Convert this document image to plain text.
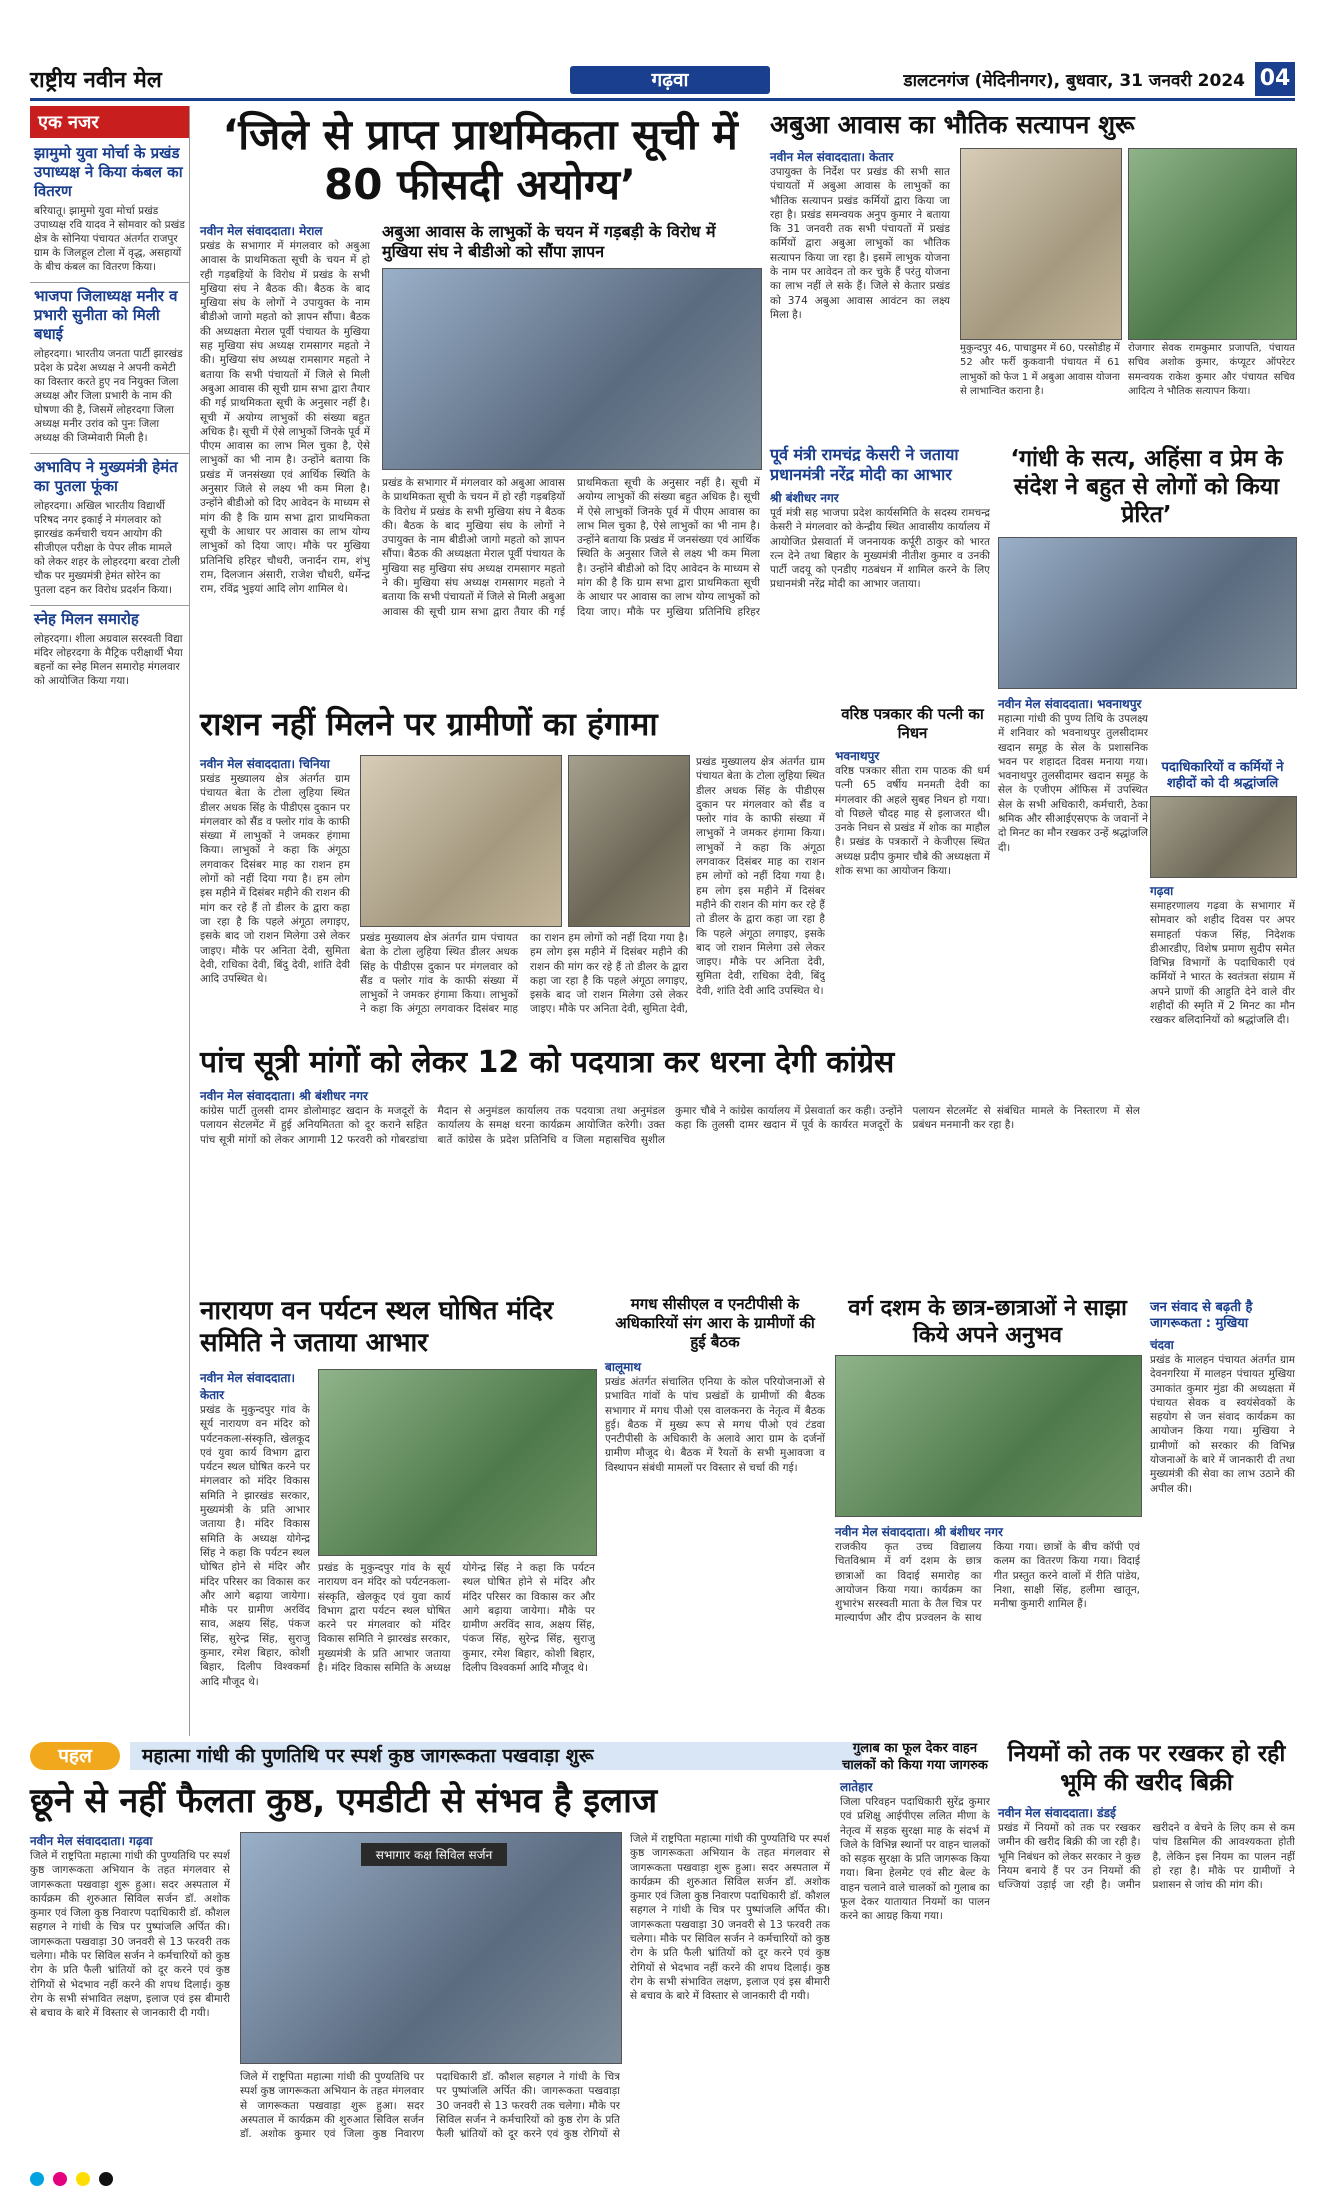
राष्ट्रीय नवीन मेल	गढ़वा	डालटनगंज (मेदिनीनगर), बुधवार, 31 जनवरी 2024 04
एक नजर
झामुमो युवा मोर्चा के प्रखंड उपाध्यक्ष ने किया कंबल का वितरण
बरियातू। झामुमो युवा मोर्चा प्रखंड उपाध्यक्ष रवि यादव ने सोमवार को प्रखंड क्षेत्र के सोनिया पंचायत अंतर्गत राजपुर ग्राम के जिलहूल टोला में वृद्ध, असहायों के बीच कंबल का वितरण किया।
भाजपा जिलाध्यक्ष मनीर व प्रभारी सुनीता को मिली बधाई
लोहरदगा। भारतीय जनता पार्टी झारखंड प्रदेश के प्रदेश अध्यक्ष ने अपनी कमेटी का विस्तार करते हुए नव नियुक्त जिला अध्यक्ष और जिला प्रभारी के नाम की घोषणा की है, जिसमें लोहरदगा जिला अध्यक्ष मनीर उरांव को पुनः जिला अध्यक्ष की जिम्मेवारी मिली है।
अभाविप ने मुख्यमंत्री हेमंत का पुतला फूंका
लोहरदगा। अखिल भारतीय विद्यार्थी परिषद नगर इकाई ने मंगलवार को झारखंड कर्मचारी चयन आयोग की सीजीएल परीक्षा के पेपर लीक मामले को लेकर शहर के लोहरदगा बरवा टोली चौक पर मुख्यमंत्री हेमंत सोरेन का पुतला दहन कर विरोध प्रदर्शन किया।
स्नेह मिलन समारोह
लोहरदगा। शीला अग्रवाल सरस्वती विद्या मंदिर लोहरदगा के मैट्रिक परीक्षार्थी भैया बहनों का स्नेह मिलन समारोह मंगलवार को आयोजित किया गया।
‘जिले से प्राप्त प्राथमिकता सूची में 80 फीसदी अयोग्य’
नवीन मेल संवाददाता। मेराल
प्रखंड के सभागार में मंगलवार को अबुआ आवास के प्राथमिकता सूची के चयन में हो रही गड़बड़ियों के विरोध में प्रखंड के सभी मुखिया संघ ने बैठक की। बैठक के बाद मुखिया संघ के लोगों ने उपायुक्त के नाम बीडीओ जागो महतो को ज्ञापन सौंपा। बैठक की अध्यक्षता मेराल पूर्वी पंचायत के मुखिया सह मुखिया संघ अध्यक्ष रामसागर महतो ने की। मुखिया संघ अध्यक्ष रामसागर महतो ने बताया कि सभी पंचायतों में जिले से मिली अबुआ आवास की सूची ग्राम सभा द्वारा तैयार की गई प्राथमिकता सूची के अनुसार नहीं है। सूची में अयोग्य लाभुकों की संख्या बहुत अधिक है। सूची में ऐसे लाभुकों जिनके पूर्व में पीएम आवास का लाभ मिल चुका है, ऐसे लाभुकों का भी नाम है। उन्होंने बताया कि प्रखंड में जनसंख्या एवं आर्थिक स्थिति के अनुसार जिले से लक्ष्य भी कम मिला है। उन्होंने बीडीओ को दिए आवेदन के माध्यम से मांग की है कि ग्राम सभा द्वारा प्राथमिकता सूची के आधार पर आवास का लाभ योग्य लाभुकों को दिया जाए। मौके पर मुखिया प्रतिनिधि हरिहर चौधरी, जनार्दन राम, शंभु राम, दिलजान अंसारी, राजेश चौधरी, धर्मेन्द्र राम, रविंद्र भुइयां आदि लोग शामिल थे।
अबुआ आवास के लाभुकों के चयन में गड़बड़ी के विरोध में मुखिया संघ ने बीडीओ को सौंपा ज्ञापन
प्रखंड के सभागार में मंगलवार को अबुआ आवास के प्राथमिकता सूची के चयन में हो रही गड़बड़ियों के विरोध में प्रखंड के सभी मुखिया संघ ने बैठक की। बैठक के बाद मुखिया संघ के लोगों ने उपायुक्त के नाम बीडीओ जागो महतो को ज्ञापन सौंपा। बैठक की अध्यक्षता मेराल पूर्वी पंचायत के मुखिया सह मुखिया संघ अध्यक्ष रामसागर महतो ने की। मुखिया संघ अध्यक्ष रामसागर महतो ने बताया कि सभी पंचायतों में जिले से मिली अबुआ आवास की सूची ग्राम सभा द्वारा तैयार की गई प्राथमिकता सूची के अनुसार नहीं है। सूची में अयोग्य लाभुकों की संख्या बहुत अधिक है। सूची में ऐसे लाभुकों जिनके पूर्व में पीएम आवास का लाभ मिल चुका है, ऐसे लाभुकों का भी नाम है। उन्होंने बताया कि प्रखंड में जनसंख्या एवं आर्थिक स्थिति के अनुसार जिले से लक्ष्य भी कम मिला है। उन्होंने बीडीओ को दिए आवेदन के माध्यम से मांग की है कि ग्राम सभा द्वारा प्राथमिकता सूची के आधार पर आवास का लाभ योग्य लाभुकों को दिया जाए। मौके पर मुखिया प्रतिनिधि हरिहर
अबुआ आवास का भौतिक सत्यापन शुरू
नवीन मेल संवाददाता। केतार
उपायुक्त के निर्देश पर प्रखंड की सभी सात पंचायतों में अबुआ आवास के लाभुकों का भौतिक सत्यापन प्रखंड कर्मियों द्वारा किया जा रहा है। प्रखंड समन्वयक अनुप कुमार ने बताया कि 31 जनवरी तक सभी पंचायतों में प्रखंड कर्मियों द्वारा अबुआ लाभुकों का भौतिक सत्यापन किया जा रहा है। इसमें लाभुक योजना के नाम पर आवेदन तो कर चुके हैं परंतु योजना का लाभ नहीं ले सके हैं। जिले से केतार प्रखंड को 374 अबुआ आवास आवंटन का लक्ष्य मिला है।
मुकुन्दपुर 46, पाचाडुमर में 60, परसोडीह में 52 और फर्री कुकवानी पंचायत में 61 लाभुकों को फेज 1 में अबुआ आवास योजना से लाभान्वित कराना है।
रोजगार सेवक रामकुमार प्रजापति, पंचायत सचिव अशोक कुमार, कंप्यूटर ऑपरेटर समन्वयक राकेश कुमार और पंचायत सचिव आदित्य ने भौतिक सत्यापन किया।
पूर्व मंत्री रामचंद्र केसरी ने जताया प्रधानमंत्री नरेंद्र मोदी का आभार
श्री बंशीधर नगर
पूर्व मंत्री सह भाजपा प्रदेश कार्यसमिति के सदस्य रामचन्द्र केसरी ने मंगलवार को केन्द्रीय स्थित आवासीय कार्यालय में आयोजित प्रेसवार्ता में जननायक कर्पूरी ठाकुर को भारत रत्न देने तथा बिहार के मुख्यमंत्री नीतीश कुमार व उनकी पार्टी जदयू को एनडीए गठबंधन में शामिल करने के लिए प्रधानमंत्री नरेंद्र मोदी का आभार जताया।
‘गांधी के सत्य, अहिंसा व प्रेम के संदेश ने बहुत से लोगों को किया प्रेरित’
नवीन मेल संवाददाता। भवनाथपुर
महात्मा गांधी की पुण्य तिथि के उपलक्ष्य में शनिवार को भवनाथपुर तुलसीदामर खदान समूह के सेल के प्रशासनिक भवन पर शहादत दिवस मनाया गया। भवनाथपुर तुलसीदामर खदान समूह के सेल के एजीएम ऑफिस में उपस्थित सेल के सभी अधिकारी, कर्मचारी, ठेका श्रमिक और सीआईएसएफ के जवानों ने दो मिनट का मौन रखकर उन्हें श्रद्धांजलि दी।
पदाधिकारियों व कर्मियों ने शहीदों को दी श्रद्धांजलि
गढ़वा
समाहरणालय गढ़वा के सभागार में सोमवार को शहीद दिवस पर अपर समाहर्ता पंकज सिंह, निदेशक डीआरडीए, विशेष प्रमाण सुदीप समेत विभिन्न विभागों के पदाधिकारी एवं कर्मियों ने भारत के स्वतंत्रता संग्राम में अपने प्राणों की आहुति देने वाले वीर शहीदों की स्मृति में 2 मिनट का मौन रखकर बलिदानियों को श्रद्धांजलि दी।
राशन नहीं मिलने पर ग्रामीणों का हंगामा
नवीन मेल संवाददाता। चिनिया
प्रखंड मुख्यालय क्षेत्र अंतर्गत ग्राम पंचायत बेता के टोला लुहिया स्थित डीलर अधक सिंह के पीडीएस दुकान पर मंगलवार को सैंड व फ्लोर गांव के काफी संख्या में लाभुकों ने जमकर हंगामा किया। लाभुकों ने कहा कि अंगूठा लगवाकर दिसंबर माह का राशन हम लोगों को नहीं दिया गया है। हम लोग इस महीने में दिसंबर महीने की राशन की मांग कर रहे हैं तो डीलर के द्वारा कहा जा रहा है कि पहले अंगूठा लगाइए, इसके बाद जो राशन मिलेगा उसे लेकर जाइए। मौके पर अनिता देवी, सुमिता देवी, राधिका देवी, बिंदु देवी, शांति देवी आदि उपस्थित थे।
प्रखंड मुख्यालय क्षेत्र अंतर्गत ग्राम पंचायत बेता के टोला लुहिया स्थित डीलर अधक सिंह के पीडीएस दुकान पर मंगलवार को सैंड व फ्लोर गांव के काफी संख्या में लाभुकों ने जमकर हंगामा किया। लाभुकों ने कहा कि अंगूठा लगवाकर दिसंबर माह का राशन हम लोगों को नहीं दिया गया है। हम लोग इस महीने में दिसंबर महीने की राशन की मांग कर रहे हैं तो डीलर के द्वारा कहा जा रहा है कि पहले अंगूठा लगाइए, इसके बाद जो राशन मिलेगा उसे लेकर जाइए। मौके पर अनिता देवी, सुमिता देवी, राधिका देवी, बिंदु देवी, शांति देवी आदि उपस्थित थे।
प्रखंड मुख्यालय क्षेत्र अंतर्गत ग्राम पंचायत बेता के टोला लुहिया स्थित डीलर अधक सिंह के पीडीएस दुकान पर मंगलवार को सैंड व फ्लोर गांव के काफी संख्या में लाभुकों ने जमकर हंगामा किया। लाभुकों ने कहा कि अंगूठा लगवाकर दिसंबर माह का राशन हम लोगों को नहीं दिया गया है। हम लोग इस महीने में दिसंबर महीने की राशन की मांग कर रहे हैं तो डीलर के द्वारा कहा जा रहा है कि पहले अंगूठा लगाइए, इसके बाद जो राशन मिलेगा उसे लेकर जाइए। मौके पर अनिता देवी, सुमिता देवी,
वरिष्ठ पत्रकार की पत्नी का निधन
भवनाथपुर
वरिष्ठ पत्रकार सीता राम पाठक की धर्म पत्नी 65 वर्षीय मनमती देवी का मंगलवार की अहले सुबह निधन हो गया। वो पिछले चौदह माह से इलाजरत थी। उनके निधन से प्रखंड में शोक का माहौल है। प्रखंड के पत्रकारों ने केजीएस स्थित अध्यक्ष प्रदीप कुमार चौबे की अध्यक्षता में शोक सभा का आयोजन किया।
पांच सूत्री मांगों को लेकर 12 को पदयात्रा कर धरना देगी कांग्रेस
नवीन मेल संवाददाता। श्री बंशीधर नगर
कांग्रेस पार्टी तुलसी दामर डोलोमाइट खदान के मजदूरों के पलायन सेटलमेंट में हुई अनियमितता को दूर कराने सहित पांच सूत्री मांगों को लेकर आगामी 12 फरवरी को गोबरडांचा मैदान से अनुमंडल कार्यालय तक पदयात्रा तथा अनुमंडल कार्यालय के समक्ष धरना कार्यक्रम आयोजित करेगी। उक्त बातें कांग्रेस के प्रदेश प्रतिनिधि व जिला महासचिव सुशील कुमार चौबे ने कांग्रेस कार्यालय में प्रेसवार्ता कर कही। उन्होंने कहा कि तुलसी दामर खदान में पूर्व के कार्यरत मजदूरों के पलायन सेटलमेंट से संबंधित मामले के निस्तारण में सेल प्रबंधन मनमानी कर रहा है।
नारायण वन पर्यटन स्थल घोषित मंदिर समिति ने जताया आभार
नवीन मेल संवाददाता। केतार
प्रखंड के मुकुन्दपुर गांव के सूर्य नारायण वन मंदिर को पर्यटनकला-संस्कृति, खेलकूद एवं युवा कार्य विभाग द्वारा पर्यटन स्थल घोषित करने पर मंगलवार को मंदिर विकास समिति ने झारखंड सरकार, मुख्यमंत्री के प्रति आभार जताया है। मंदिर विकास समिति के अध्यक्ष योगेन्द्र सिंह ने कहा कि पर्यटन स्थल घोषित होने से मंदिर और मंदिर परिसर का विकास कर और आगे बढ़ाया जायेगा। मौके पर ग्रामीण अरविंद साव, अक्षय सिंह, पंकज सिंह, सुरेन्द्र सिंह, सुराजु कुमार, रमेश बिहार, कोशी बिहार, दिलीप विश्वकर्मा आदि मौजूद थे।
प्रखंड के मुकुन्दपुर गांव के सूर्य नारायण वन मंदिर को पर्यटनकला-संस्कृति, खेलकूद एवं युवा कार्य विभाग द्वारा पर्यटन स्थल घोषित करने पर मंगलवार को मंदिर विकास समिति ने झारखंड सरकार, मुख्यमंत्री के प्रति आभार जताया है। मंदिर विकास समिति के अध्यक्ष योगेन्द्र सिंह ने कहा कि पर्यटन स्थल घोषित होने से मंदिर और मंदिर परिसर का विकास कर और आगे बढ़ाया जायेगा। मौके पर ग्रामीण अरविंद साव, अक्षय सिंह, पंकज सिंह, सुरेन्द्र सिंह, सुराजु कुमार, रमेश बिहार, कोशी बिहार, दिलीप विश्वकर्मा आदि मौजूद थे।
मगध सीसीएल व एनटीपीसी के अधिकारियों संग आरा के ग्रामीणों की हुई बैठक
बालूमाथ
प्रखंड अंतर्गत संचालित एनिया के कोल परियोजनाओं से प्रभावित गांवों के पांच प्रखंडों के ग्रामीणों की बैठक सभागार में मगध पीओ एस वालकनरा के नेतृत्व में बैठक हुई। बैठक में मुख्य रूप से मगध पीओ एवं टंडवा एनटीपीसी के अधिकारी के अलावे आरा ग्राम के दर्जनों ग्रामीण मौजूद थे। बैठक में रैयतों के सभी मुआवजा व विस्थापन संबंधी मामलों पर विस्तार से चर्चा की गई।
वर्ग दशम के छात्र-छात्राओं ने साझा किये अपने अनुभव
नवीन मेल संवाददाता। श्री बंशीधर नगर
राजकीय कृत उच्च विद्यालय चितविश्राम में वर्ग दशम के छात्र छात्राओं का विदाई समारोह का आयोजन किया गया। कार्यक्रम का शुभारंभ सरस्वती माता के तैल चित्र पर माल्यार्पण और दीप प्रज्वलन के साथ किया गया। छात्रों के बीच कॉपी एवं कलम का वितरण किया गया। विदाई गीत प्रस्तुत करने वालों में रीति पांडेय, निशा, साक्षी सिंह, हलीमा खातून, मनीषा कुमारी शामिल हैं।
जन संवाद से बढ़ती है जागरूकता : मुखिया
चंदवा
प्रखंड के मालहन पंचायत अंतर्गत ग्राम देवनगरिया में मालहन पंचायत मुखिया उमाकांत कुमार मुंडा की अध्यक्षता में पंचायत सेवक व स्वयंसेवकों के सहयोग से जन संवाद कार्यक्रम का आयोजन किया गया। मुखिया ने ग्रामीणों को सरकार की विभिन्न योजनाओं के बारे में जानकारी दी तथा मुख्यमंत्री की सेवा का लाभ उठाने की अपील की।
पहल	महात्मा गांधी की पुणतिथि पर स्पर्श कुष्ठ जागरूकता पखवाड़ा शुरू
छूने से नहीं फैलता कुष्ठ, एमडीटी से संभव है इलाज
नवीन मेल संवाददाता। गढ़वा
जिले में राष्ट्रपिता महात्मा गांधी की पुण्यतिथि पर स्पर्श कुष्ठ जागरूकता अभियान के तहत मंगलवार से जागरूकता पखवाड़ा शुरू हुआ। सदर अस्पताल में कार्यक्रम की शुरुआत सिविल सर्जन डॉ. अशोक कुमार एवं जिला कुष्ठ निवारण पदाधिकारी डॉ. कौशल सहगल ने गांधी के चित्र पर पुष्पांजलि अर्पित की। जागरूकता पखवाड़ा 30 जनवरी से 13 फरवरी तक चलेगा। मौके पर सिविल सर्जन ने कर्मचारियों को कुष्ठ रोग के प्रति फैली भ्रांतियों को दूर करने एवं कुष्ठ रोगियों से भेदभाव नहीं करने की शपथ दिलाई। कुष्ठ रोग के सभी संभावित लक्षण, इलाज एवं इस बीमारी से बचाव के बारे में विस्तार से जानकारी दी गयी।
सभागार कक्ष सिविल सर्जन
जिले में राष्ट्रपिता महात्मा गांधी की पुण्यतिथि पर स्पर्श कुष्ठ जागरूकता अभियान के तहत मंगलवार से जागरूकता पखवाड़ा शुरू हुआ। सदर अस्पताल में कार्यक्रम की शुरुआत सिविल सर्जन डॉ. अशोक कुमार एवं जिला कुष्ठ निवारण पदाधिकारी डॉ. कौशल सहगल ने गांधी के चित्र पर पुष्पांजलि अर्पित की। जागरूकता पखवाड़ा 30 जनवरी से 13 फरवरी तक चलेगा। मौके पर सिविल सर्जन ने कर्मचारियों को कुष्ठ रोग के प्रति फैली भ्रांतियों को दूर करने एवं कुष्ठ रोगियों से
जिले में राष्ट्रपिता महात्मा गांधी की पुण्यतिथि पर स्पर्श कुष्ठ जागरूकता अभियान के तहत मंगलवार से जागरूकता पखवाड़ा शुरू हुआ। सदर अस्पताल में कार्यक्रम की शुरुआत सिविल सर्जन डॉ. अशोक कुमार एवं जिला कुष्ठ निवारण पदाधिकारी डॉ. कौशल सहगल ने गांधी के चित्र पर पुष्पांजलि अर्पित की। जागरूकता पखवाड़ा 30 जनवरी से 13 फरवरी तक चलेगा। मौके पर सिविल सर्जन ने कर्मचारियों को कुष्ठ रोग के प्रति फैली भ्रांतियों को दूर करने एवं कुष्ठ रोगियों से भेदभाव नहीं करने की शपथ दिलाई। कुष्ठ रोग के सभी संभावित लक्षण, इलाज एवं इस बीमारी से बचाव के बारे में विस्तार से जानकारी दी गयी।
गुलाब का फूल देकर वाहन चालकों को किया गया जागरुक
लातेहार
जिला परिवहन पदाधिकारी सुरेंद्र कुमार एवं प्रशिक्षु आईपीएस ललित मीणा के नेतृत्व में सड़क सुरक्षा माह के संदर्भ में जिले के विभिन्न स्थानों पर वाहन चालकों को सड़क सुरक्षा के प्रति जागरूक किया गया। बिना हेलमेट एवं सीट बेल्ट के वाहन चलाने वाले चालकों को गुलाब का फूल देकर यातायात नियमों का पालन करने का आग्रह किया गया।
नियमों को तक पर रखकर हो रही भूमि की खरीद बिक्री
नवीन मेल संवाददाता। डंडई
प्रखंड में नियमों को तक पर रखकर जमीन की खरीद बिक्री की जा रही है। भूमि निबंधन को लेकर सरकार ने कुछ नियम बनाये हैं पर उन नियमों की धज्जियां उड़ाई जा रही है। जमीन खरीदने व बेचने के लिए कम से कम पांच डिसमिल की आवश्यकता होती है, लेकिन इस नियम का पालन नहीं हो रहा है। मौके पर ग्रामीणों ने प्रशासन से जांच की मांग की।
